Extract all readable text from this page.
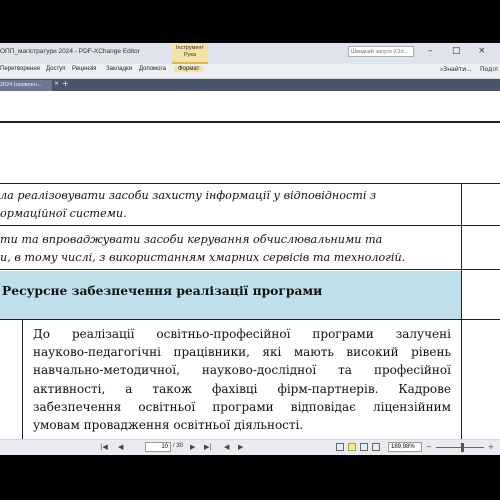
ОПП_магістратури 2024 - PDF-XChange Editor	Інструмент Рука
Швидкий запуск (Ctrl...	– □ ×
Перетворення Доступ Рецензія Закладки Допомога	Формат	⌕Знайти... Поділ
2024 (оновлен...	× +
ла реалізовувати засоби захисту інформації у відповідності з
ормаційної системи.
ти та впроваджувати засоби керування обчислювальними та
и, в тому числі, з використанням хмарних сервісів та технологій.
Ресурсне забезпечення реалізації програми
До реалізації освітньо-професійної програми залучені
науково-педагогічні працівники, які мають високий рівень
навчально-методичної, науково-дослідної та професійної
активності, а також фахівці фірм-партнерів. Кадрове
забезпечення освітньої програми відповідає ліцензійним
умовам провадження освітньої діяльності.
|◀ ◀	10 / 30 ▶ ▶| ◀ ▶	189,98%	−	+
